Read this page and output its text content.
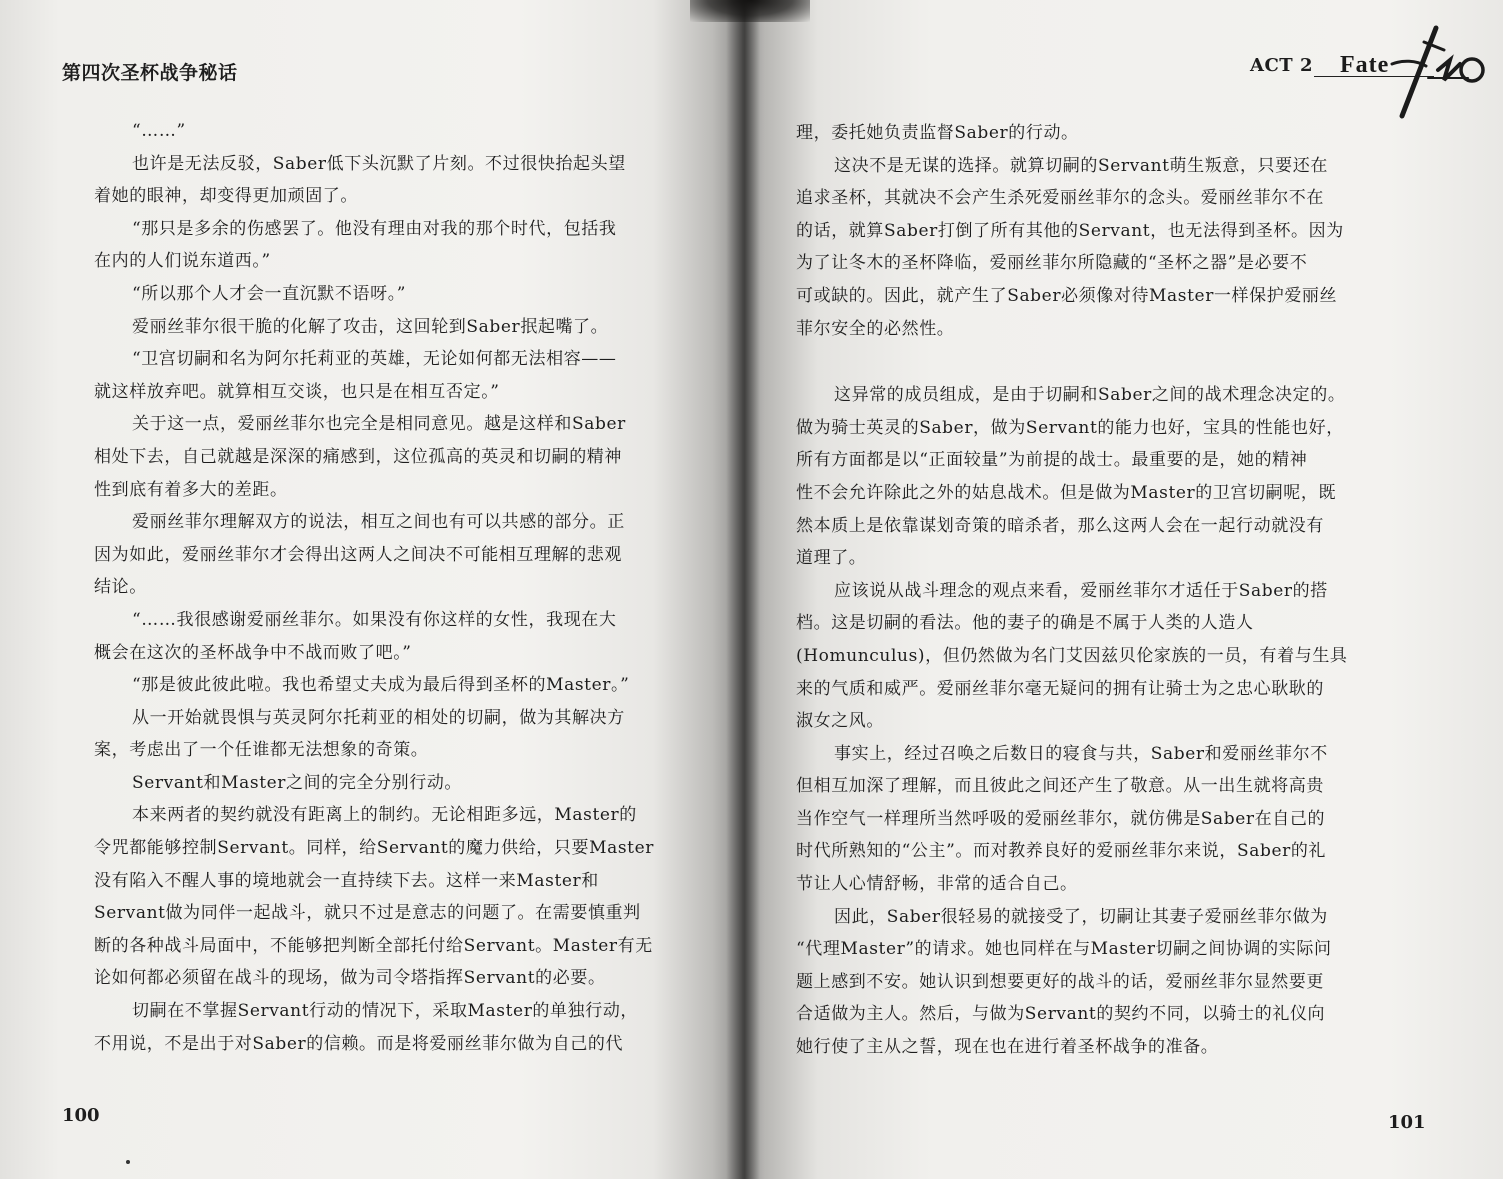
第四次圣杯战争秘话
“……”
也许是无法反驳，Saber低下头沉默了片刻。不过很快抬起头望
着她的眼神，却变得更加顽固了。
“那只是多余的伤感罢了。他没有理由对我的那个时代，包括我
在内的人们说东道西。”
“所以那个人才会一直沉默不语呀。”
爱丽丝菲尔很干脆的化解了攻击，这回轮到Saber抿起嘴了。
“卫宫切嗣和名为阿尔托莉亚的英雄，无论如何都无法相容——
就这样放弃吧。就算相互交谈，也只是在相互否定。”
关于这一点，爱丽丝菲尔也完全是相同意见。越是这样和Saber
相处下去，自己就越是深深的痛感到，这位孤高的英灵和切嗣的精神
性到底有着多大的差距。
爱丽丝菲尔理解双方的说法，相互之间也有可以共感的部分。正
因为如此，爱丽丝菲尔才会得出这两人之间决不可能相互理解的悲观
结论。
“……我很感谢爱丽丝菲尔。如果没有你这样的女性，我现在大
概会在这次的圣杯战争中不战而败了吧。”
“那是彼此彼此啦。我也希望丈夫成为最后得到圣杯的Master。”
从一开始就畏惧与英灵阿尔托莉亚的相处的切嗣，做为其解决方
案，考虑出了一个任谁都无法想象的奇策。
Servant和Master之间的完全分别行动。
本来两者的契约就没有距离上的制约。无论相距多远，Master的
令咒都能够控制Servant。同样，给Servant的魔力供给，只要Master
没有陷入不醒人事的境地就会一直持续下去。这样一来Master和
Servant做为同伴一起战斗，就只不过是意志的问题了。在需要慎重判
断的各种战斗局面中，不能够把判断全部托付给Servant。Master有无
论如何都必须留在战斗的现场，做为司令塔指挥Servant的必要。
切嗣在不掌握Servant行动的情况下，采取Master的单独行动，
不用说，不是出于对Saber的信赖。而是将爱丽丝菲尔做为自己的代
100
ACT 2 Fate
理，委托她负责监督Saber的行动。
这决不是无谋的选择。就算切嗣的Servant萌生叛意，只要还在
追求圣杯，其就决不会产生杀死爱丽丝菲尔的念头。爱丽丝菲尔不在
的话，就算Saber打倒了所有其他的Servant，也无法得到圣杯。因为
为了让冬木的圣杯降临，爱丽丝菲尔所隐藏的“圣杯之器”是必要不
可或缺的。因此，就产生了Saber必须像对待Master一样保护爱丽丝
菲尔安全的必然性。
这异常的成员组成，是由于切嗣和Saber之间的战术理念决定的。
做为骑士英灵的Saber，做为Servant的能力也好，宝具的性能也好，
所有方面都是以“正面较量”为前提的战士。最重要的是，她的精神
性不会允许除此之外的姑息战术。但是做为Master的卫宫切嗣呢，既
然本质上是依靠谋划奇策的暗杀者，那么这两人会在一起行动就没有
道理了。
应该说从战斗理念的观点来看，爱丽丝菲尔才适任于Saber的搭
档。这是切嗣的看法。他的妻子的确是不属于人类的人造人
(Homunculus)，但仍然做为名门艾因兹贝伦家族的一员，有着与生具
来的气质和威严。爱丽丝菲尔毫无疑问的拥有让骑士为之忠心耿耿的
淑女之风。
事实上，经过召唤之后数日的寝食与共，Saber和爱丽丝菲尔不
但相互加深了理解，而且彼此之间还产生了敬意。从一出生就将高贵
当作空气一样理所当然呼吸的爱丽丝菲尔，就仿佛是Saber在自己的
时代所熟知的“公主”。而对教养良好的爱丽丝菲尔来说，Saber的礼
节让人心情舒畅，非常的适合自己。
因此，Saber很轻易的就接受了，切嗣让其妻子爱丽丝菲尔做为
“代理Master”的请求。她也同样在与Master切嗣之间协调的实际问
题上感到不安。她认识到想要更好的战斗的话，爱丽丝菲尔显然要更
合适做为主人。然后，与做为Servant的契约不同，以骑士的礼仪向
她行使了主从之誓，现在也在进行着圣杯战争的准备。
101
